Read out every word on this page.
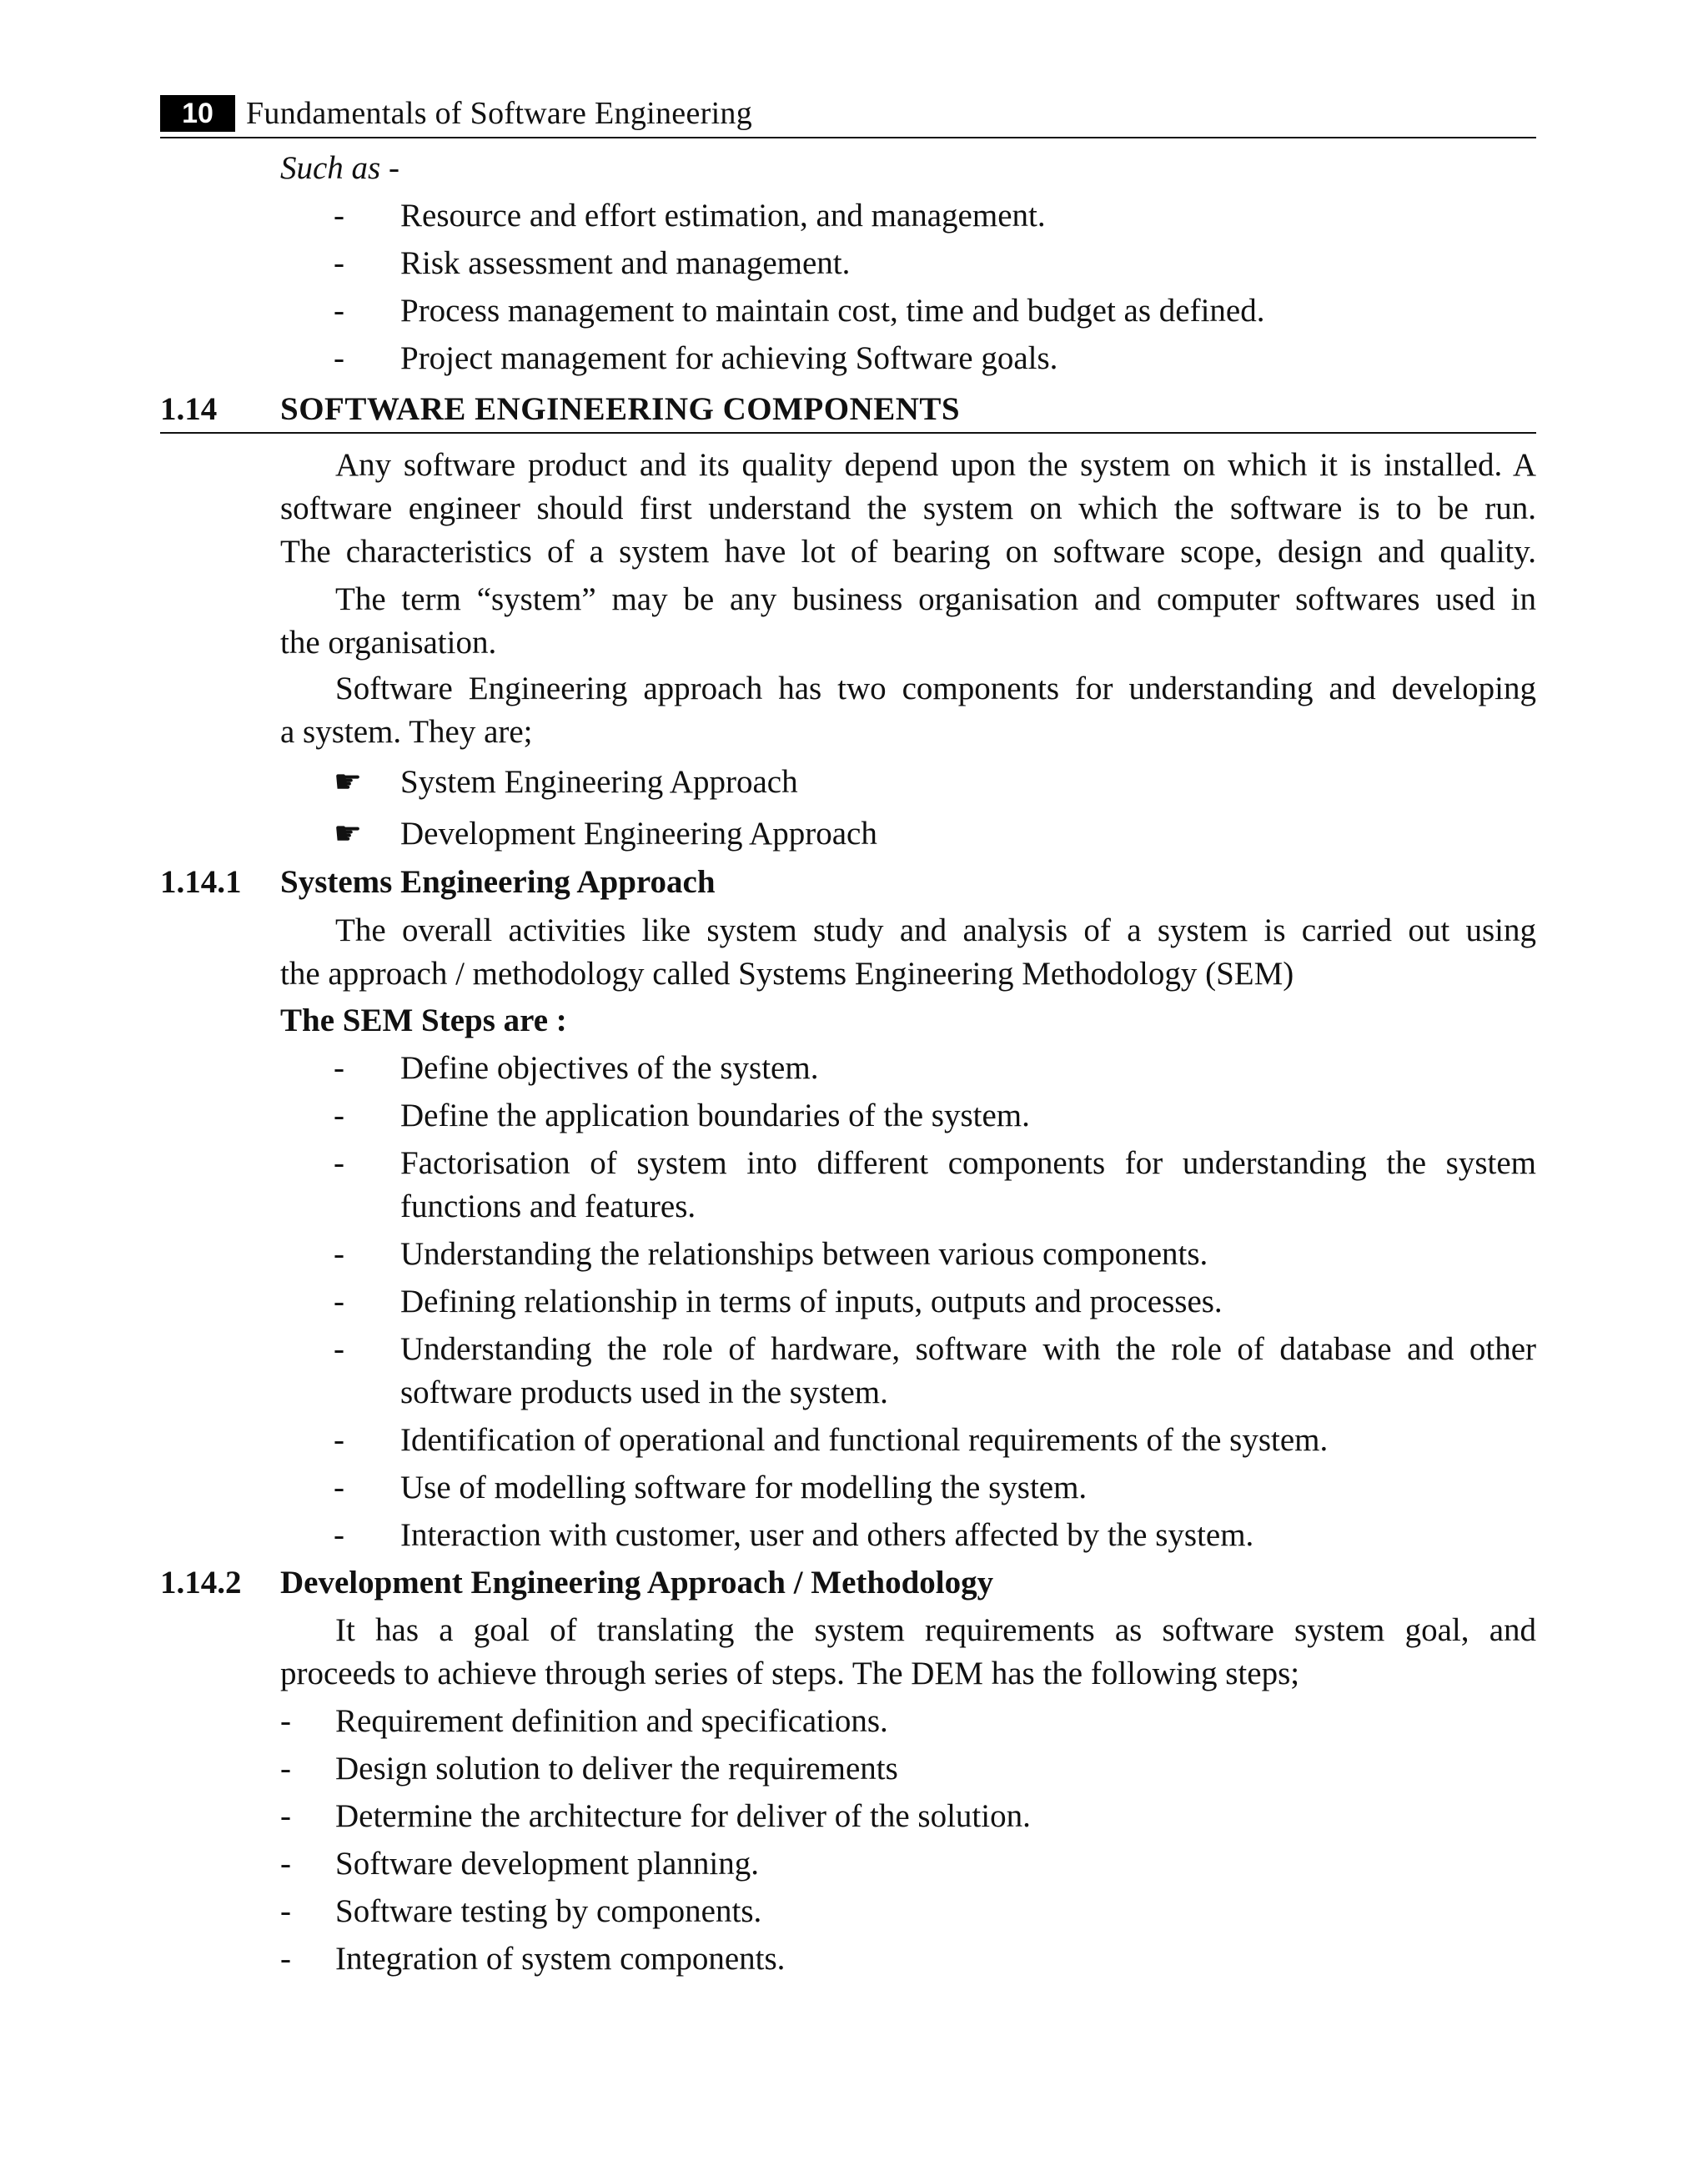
10	Fundamentals of Software Engineering
Such as -
- Resource and effort estimation, and management.
- Risk assessment and management.
- Process management to maintain cost, time and budget as defined.
- Project management for achieving Software goals.
1.14 SOFTWARE ENGINEERING COMPONENTS
Any software product and its quality depend upon the system on which it is installed. A
software engineer should first understand the system on which the software is to be run.
The characteristics of a system have lot of bearing on software scope, design and quality.
The term “system” may be any business organisation and computer softwares used in
the organisation.
Software Engineering approach has two components for understanding and developing
a system. They are;
☛ System Engineering Approach
☛ Development Engineering Approach
1.14.1 Systems Engineering Approach
The overall activities like system study and analysis of a system is carried out using
the approach / methodology called Systems Engineering Methodology (SEM)
The SEM Steps are :
- Define objectives of the system.
- Define the application boundaries of the system.
- Factorisation of system into different components for understanding the system
functions and features.
- Understanding the relationships between various components.
- Defining relationship in terms of inputs, outputs and processes.
- Understanding the role of hardware, software with the role of database and other
software products used in the system.
- Identification of operational and functional requirements of the system.
- Use of modelling software for modelling the system.
- Interaction with customer, user and others affected by the system.
1.14.2 Development Engineering Approach / Methodology
It has a goal of translating the system requirements as software system goal, and
proceeds to achieve through series of steps. The DEM has the following steps;
- Requirement definition and specifications.
- Design solution to deliver the requirements
- Determine the architecture for deliver of the solution.
- Software development planning.
- Software testing by components.
- Integration of system components.
